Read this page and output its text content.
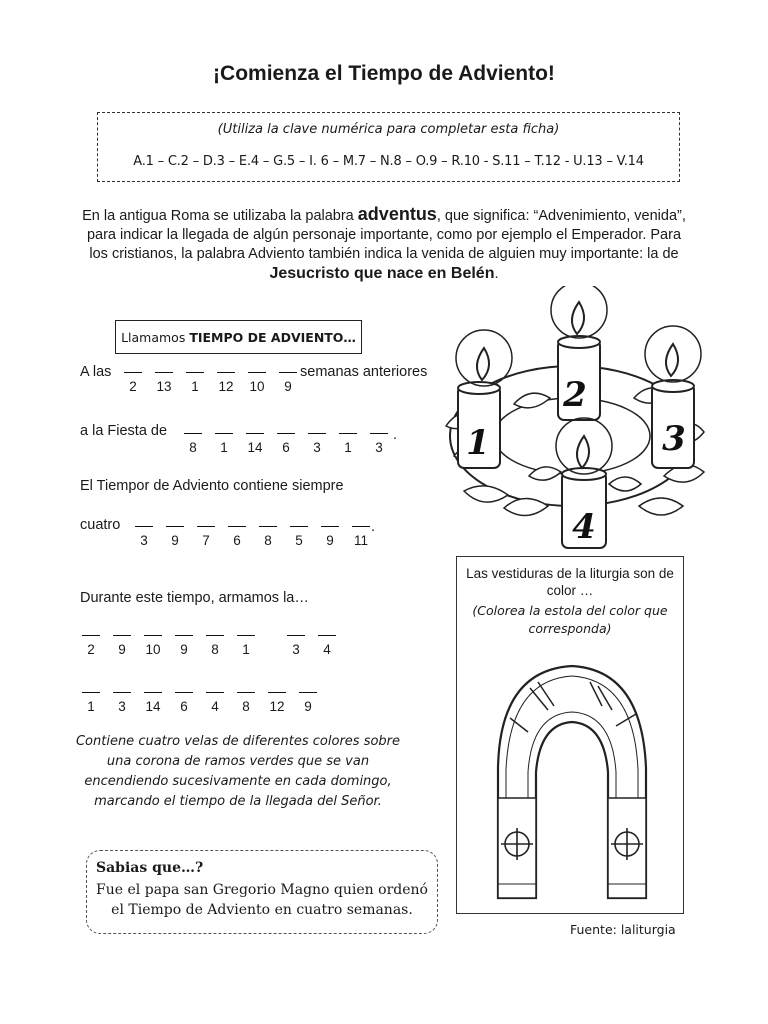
¡Comienza el Tiempo de Adviento!
(Utiliza la clave numérica para completar esta ficha)
A.1 – C.2 – D.3 – E.4 – G.5 – I. 6 – M.7 – N.8 – O.9 – R.10 - S.11 – T.12 - U.13 – V.14
En la antigua Roma se utilizaba la palabra adventus, que significa: “Advenimiento, venida”, para indicar la llegada de algún personaje importante, como por ejemplo el Emperador. Para los cristianos, la palabra Adviento también indica la venida de alguien muy importante: la de Jesucristo que nace en Belén.
Llamamos TIEMPO DE ADVIENTO…
A las
2 13 1 12 10 9
semanas anteriores
a la Fiesta de
8 1 14 6 3 1 3
.
El Tiempor de Adviento contiene siempre
cuatro
3 9 7 6 8 5 9 11
.
Durante este tiempo, armamos la…
2 9 10 9 8 1	3 4
1 3 14 6 4 8 12 9
Contiene cuatro velas de diferentes colores sobre una corona de ramos verdes que se van encendiendo sucesivamente en cada domingo, marcando el tiempo de la llegada del Señor.
Sabias que…?
Fue el papa san Gregorio Magno quien ordenó el Tiempo de Adviento en cuatro semanas.
2
1	3
4
Las vestiduras de la liturgia son de color …
(Colorea la estola del color que corresponda)
Fuente: laliturgia
